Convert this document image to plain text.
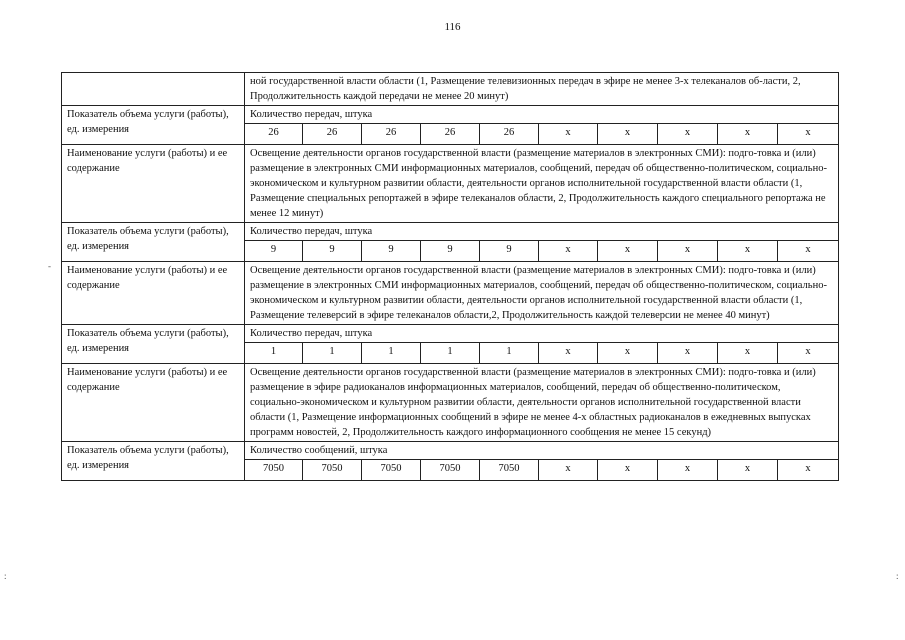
116
-
:	:
	ной государственной власти области (1, Размещение телевизионных передач в эфире не менее 3-х телеканалов об-ласти, 2, Продолжительность каждой передачи не менее 20 минут)									
Показатель объема услуги (работы), ед. измерения	Количество передач, штука									
	26	26	26	26	26	х	х	х	х	х
Наименование услуги (работы) и ее содержание	Освещение деятельности органов государственной власти (размещение материалов в электронных СМИ): подго-товка и (или) размещение в электронных СМИ информационных материалов, сообщений, передач об общественно-политическом, социально-экономическом и культурном развитии области, деятельности органов исполнительной государственной власти области (1, Размещение специальных репортажей в эфире телеканалов области, 2, Продолжительность каждого специального репортажа не менее 12 минут)									
Показатель объема услуги (работы), ед. измерения	Количество передач, штука									
	9	9	9	9	9	х	х	х	х	х
Наименование услуги (работы) и ее содержание	Освещение деятельности органов государственной власти (размещение материалов в электронных СМИ): подго-товка и (или) размещение в электронных СМИ информационных материалов, сообщений, передач об общественно-политическом, социально-экономическом и культурном развитии области, деятельности органов исполнительной государственной власти области (1, Размещение телеверсий в эфире телеканалов области,2, Продолжительность каждой телеверсии не менее 40 минут)									
Показатель объема услуги (работы), ед. измерения	Количество передач, штука									
	1	1	1	1	1	х	х	х	х	х
Наименование услуги (работы) и ее содержание	Освещение деятельности органов государственной власти (размещение материалов в электронных СМИ): подго-товка и (или) размещение в эфире радиоканалов информационных материалов, сообщений, передач об общественно-политическом, социально-экономическом и культурном развитии области, деятельности органов исполнительной государственной власти области (1, Размещение информационных сообщений в эфире не менее 4-х областных радиоканалов в ежедневных выпусках программ новостей, 2, Продолжительность каждого информационного сообщения не менее 15 секунд)									
Показатель объема услуги (работы), ед. измерения	Количество сообщений, штука									
	7050	7050	7050	7050	7050	х	х	х	х	х
